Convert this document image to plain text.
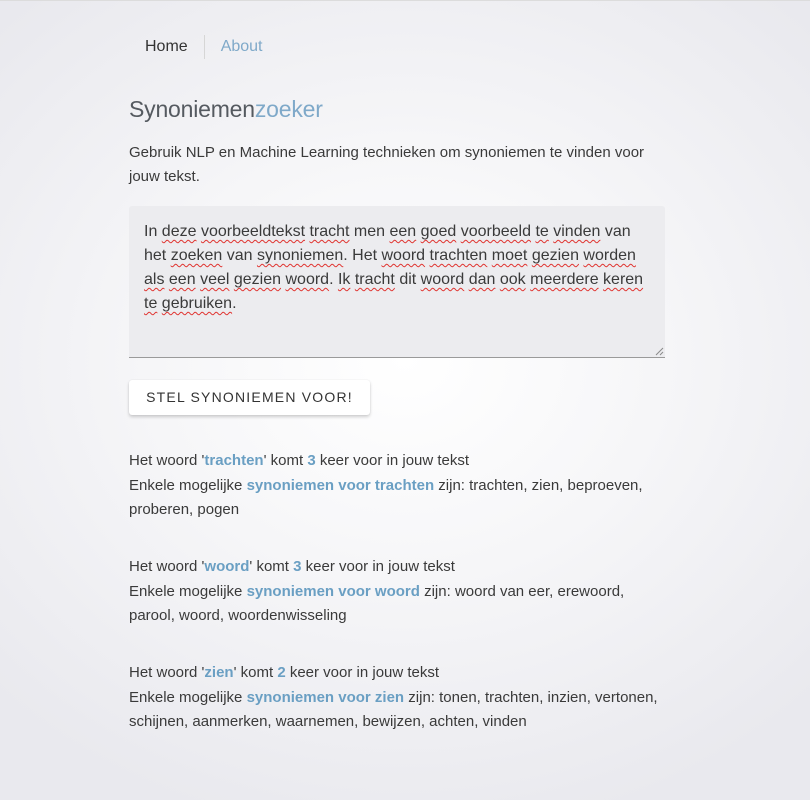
Home	About
Synoniemenzoeker

Gebruik NLP en Machine Learning technieken om synoniemen te vinden voor jouw tekst.

In deze voorbeeldtekst tracht men een goed voorbeeld te vinden van het zoeken van synoniemen. Het woord trachten moet gezien worden als een veel gezien woord. Ik tracht dit woord dan ook meerdere keren te gebruiken.
STEL SYNONIEMEN VOOR!
Het woord 'trachten' komt 3 keer voor in jouw tekst
Enkele mogelijke synoniemen voor trachten zijn: trachten, zien, beproeven, proberen, pogen
Het woord 'woord' komt 3 keer voor in jouw tekst
Enkele mogelijke synoniemen voor woord zijn: woord van eer, erewoord, parool, woord, woordenwisseling
Het woord 'zien' komt 2 keer voor in jouw tekst
Enkele mogelijke synoniemen voor zien zijn: tonen, trachten, inzien, vertonen, schijnen, aanmerken, waarnemen, bewijzen, achten, vinden
